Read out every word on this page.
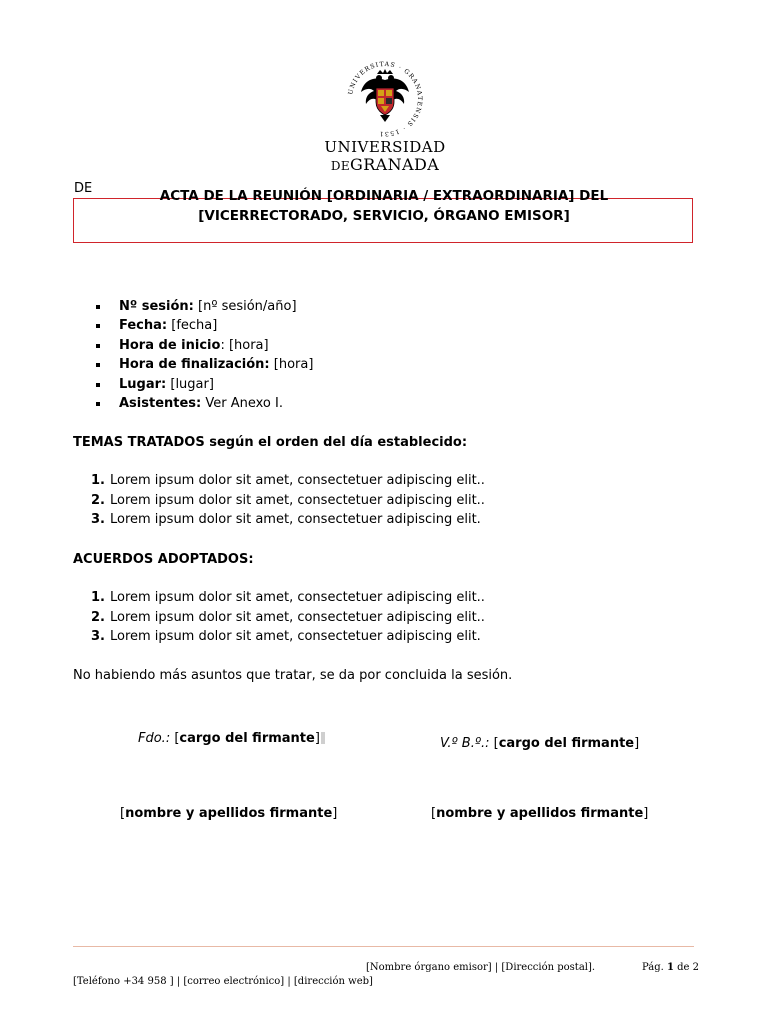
UNIVERSITAS · GRANATENSIS · 1531
UNIVERSIDAD
DEGRANADA
DE	ACTA DE LA REUNIÓN [ORDINARIA / EXTRAORDINARIA] DEL
[VICERRECTORADO, SERVICIO, ÓRGANO EMISOR]
Nº sesión: [nº sesión/año]
Fecha: [fecha]
Hora de inicio: [hora]
Hora de finalización: [hora]
Lugar: [lugar]
Asistentes: Ver Anexo I.
TEMAS TRATADOS según el orden del día establecido:
1. Lorem ipsum dolor sit amet, consectetuer adipiscing elit..
2. Lorem ipsum dolor sit amet, consectetuer adipiscing elit..
3. Lorem ipsum dolor sit amet, consectetuer adipiscing elit.
ACUERDOS ADOPTADOS:
1. Lorem ipsum dolor sit amet, consectetuer adipiscing elit..
2. Lorem ipsum dolor sit amet, consectetuer adipiscing elit..
3. Lorem ipsum dolor sit amet, consectetuer adipiscing elit.
No habiendo más asuntos que tratar, se da por concluida la sesión.
Fdo.: [cargo del firmante]	V.º B.º.: [cargo del firmante]
[nombre y apellidos firmante]	[nombre y apellidos firmante]
[Nombre órgano emisor] | [Dirección postal].	Pág. 1 de 2
[Teléfono +34 958 ] | [correo electrónico] | [dirección web]
